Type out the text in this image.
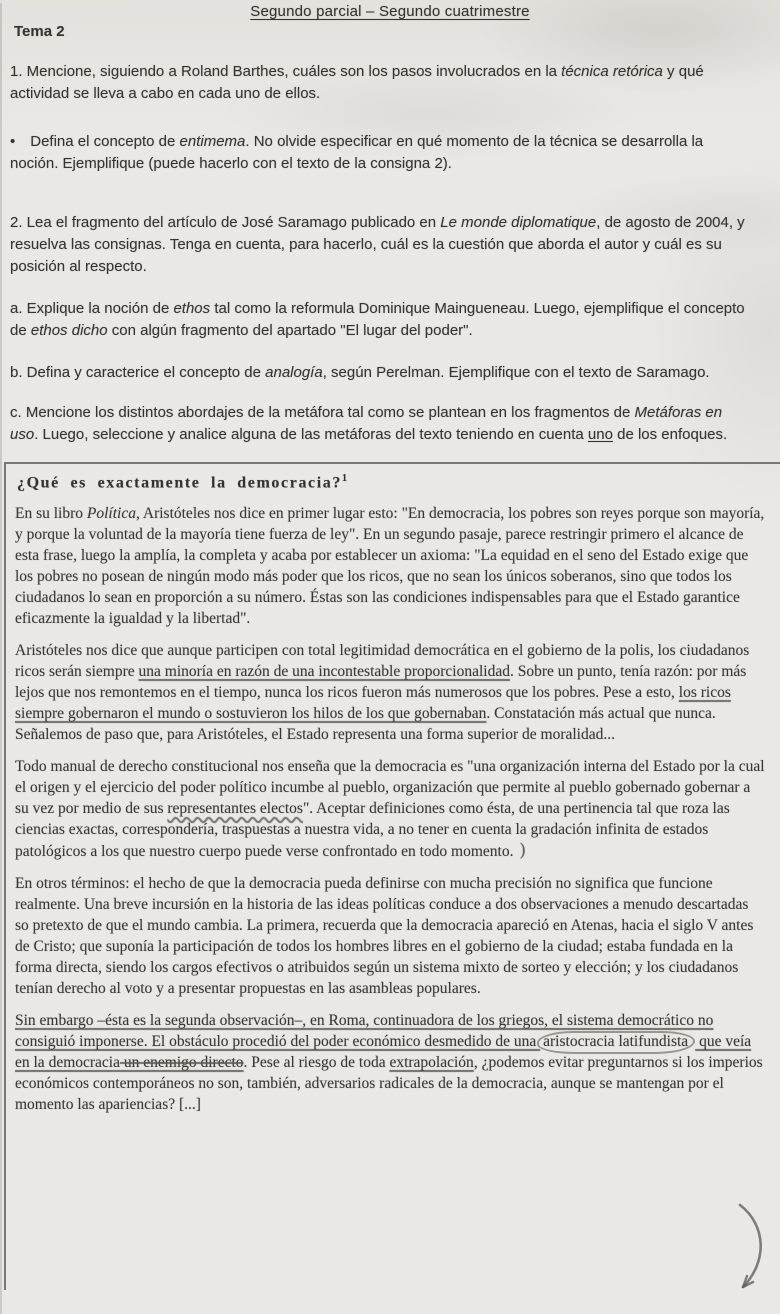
Segundo parcial – Segundo cuatrimestre
Tema 2
1. Mencione, siguiendo a Roland Barthes, cuáles son los pasos involucrados en la técnica retórica y qué actividad se lleva a cabo en cada uno de ellos.
• Defina el concepto de entimema. No olvide especificar en qué momento de la técnica se desarrolla la noción. Ejemplifique (puede hacerlo con el texto de la consigna 2).
2. Lea el fragmento del artículo de José Saramago publicado en Le monde diplomatique, de agosto de 2004, y resuelva las consignas. Tenga en cuenta, para hacerlo, cuál es la cuestión que aborda el autor y cuál es su posición al respecto.
a. Explique la noción de ethos tal como la reformula Dominique Maingueneau. Luego, ejemplifique el concepto de ethos dicho con algún fragmento del apartado "El lugar del poder".
b. Defina y caracterice el concepto de analogía, según Perelman. Ejemplifique con el texto de Saramago.
c. Mencione los distintos abordajes de la metáfora tal como se plantean en los fragmentos de Metáforas en uso. Luego, seleccione y analice alguna de las metáforas del texto teniendo en cuenta uno de los enfoques.
¿Qué es exactamente la democracia?$^1$
En su libro Política, Aristóteles nos dice en primer lugar esto: "En democracia, los pobres son reyes porque son mayoría, y porque la voluntad de la mayoría tiene fuerza de ley". En un segundo pasaje, parece restringir primero el alcance de esta frase, luego la amplía, la completa y acaba por establecer un axioma: "La equidad en el seno del Estado exige que los pobres no posean de ningún modo más poder que los ricos, que no sean los únicos soberanos, sino que todos los ciudadanos lo sean en proporción a su número. Éstas son las condiciones indispensables para que el Estado garantice eficazmente la igualdad y la libertad".
Aristóteles nos dice que aunque participen con total legitimidad democrática en el gobierno de la polis, los ciudadanos ricos serán siempre una minoría en razón de una incontestable proporcionalidad. Sobre un punto, tenía razón: por más lejos que nos remontemos en el tiempo, nunca los ricos fueron más numerosos que los pobres. Pese a esto, los ricos siempre gobernaron el mundo o sostuvieron los hilos de los que gobernaban. Constatación más actual que nunca. Señalemos de paso que, para Aristóteles, el Estado representa una forma superior de moralidad...
Todo manual de derecho constitucional nos enseña que la democracia es "una organización interna del Estado por la cual el origen y el ejercicio del poder político incumbe al pueblo, organización que permite al pueblo gobernado gobernar a su vez por medio de sus representantes electos". Aceptar definiciones como ésta, de una pertinencia tal que roza las ciencias exactas, correspondería, traspuestas a nuestra vida, a no tener en cuenta la gradación infinita de estados patológicos a los que nuestro cuerpo puede verse confrontado en todo momento. )
En otros términos: el hecho de que la democracia pueda definirse con mucha precisión no significa que funcione realmente. Una breve incursión en la historia de las ideas políticas conduce a dos observaciones a menudo descartadas so pretexto de que el mundo cambia. La primera, recuerda que la democracia apareció en Atenas, hacia el siglo V antes de Cristo; que suponía la participación de todos los hombres libres en el gobierno de la ciudad; estaba fundada en la forma directa, siendo los cargos efectivos o atribuidos según un sistema mixto de sorteo y elección; y los ciudadanos tenían derecho al voto y a presentar propuestas en las asambleas populares.
Sin embargo –ésta es la segunda observación–, en Roma, continuadora de los griegos, el sistema democrático no consiguió imponerse. El obstáculo procedió del poder económico desmedido de una aristocracia latifundista que veía en la democracia un enemigo directo. Pese al riesgo de toda extrapolación, ¿podemos evitar preguntarnos si los imperios económicos contemporáneos no son, también, adversarios radicales de la democracia, aunque se mantengan por el momento las apariencias? [...]
